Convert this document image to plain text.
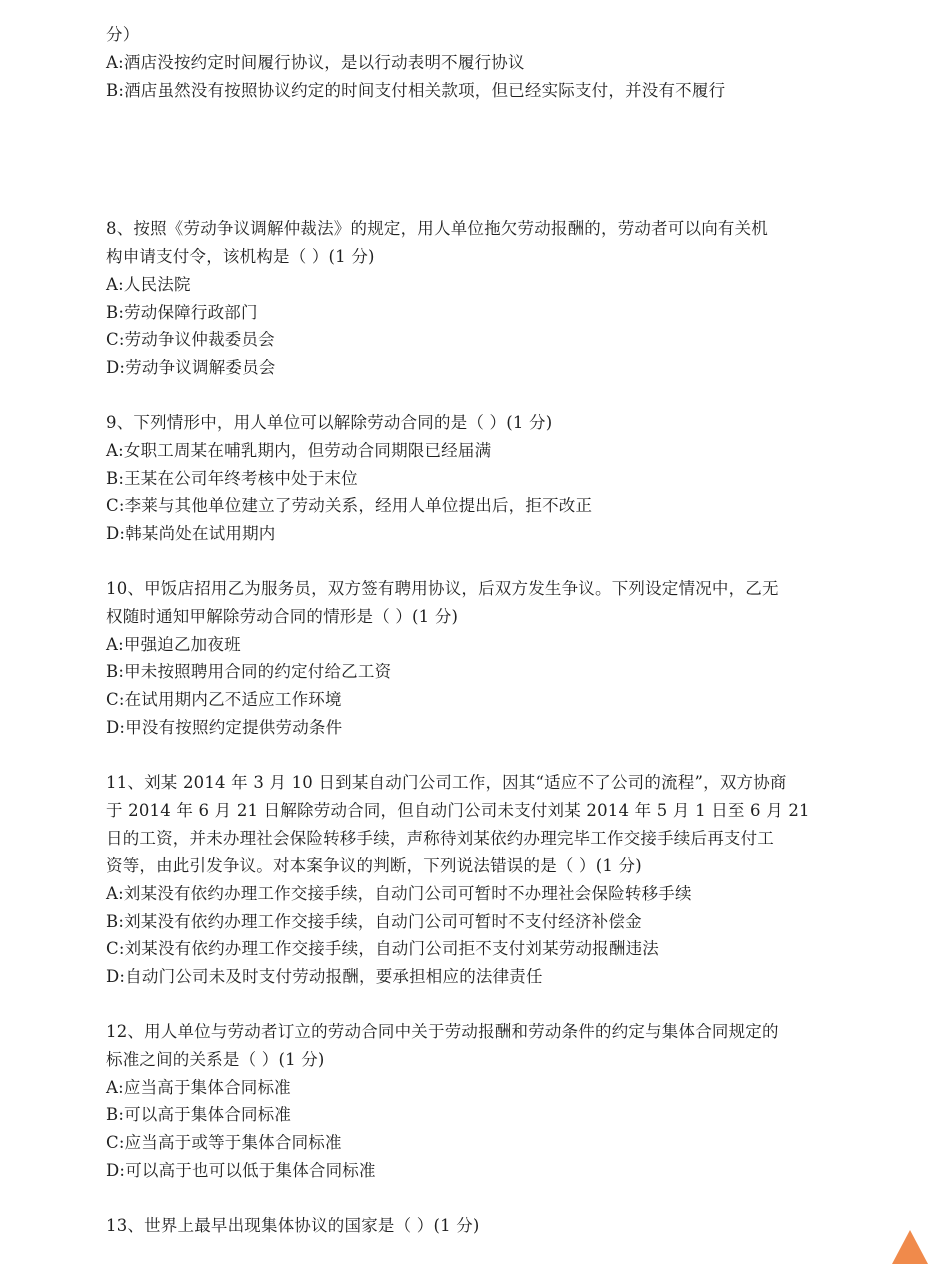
分）
A:酒店没按约定时间履行协议，是以行动表明不履行协议
B:酒店虽然没有按照协议约定的时间支付相关款项，但已经实际支付，并没有不履行
8、按照《劳动争议调解仲裁法》的规定，用人单位拖欠劳动报酬的，劳动者可以向有关机
构申请支付令，该机构是（ ）(1 分)
A:人民法院
B:劳动保障行政部门
C:劳动争议仲裁委员会
D:劳动争议调解委员会
9、下列情形中，用人单位可以解除劳动合同的是（ ）(1 分)
A:女职工周某在哺乳期内，但劳动合同期限已经届满
B:王某在公司年终考核中处于末位
C:李莱与其他单位建立了劳动关系，经用人单位提出后，拒不改正
D:韩某尚处在试用期内
10、甲饭店招用乙为服务员，双方签有聘用协议，后双方发生争议。下列设定情况中，乙无
权随时通知甲解除劳动合同的情形是（ ）(1 分)
A:甲强迫乙加夜班
B:甲未按照聘用合同的约定付给乙工资
C:在试用期内乙不适应工作环境
D:甲没有按照约定提供劳动条件
11、刘某 2014 年 3 月 10 日到某自动门公司工作，因其“适应不了公司的流程”，双方协商
于 2014 年 6 月 21 日解除劳动合同，但自动门公司未支付刘某 2014 年 5 月 1 日至 6 月 21
日的工资，并未办理社会保险转移手续，声称待刘某依约办理完毕工作交接手续后再支付工
资等，由此引发争议。对本案争议的判断，下列说法错误的是（ ）(1 分)
A:刘某没有依约办理工作交接手续，自动门公司可暂时不办理社会保险转移手续
B:刘某没有依约办理工作交接手续，自动门公司可暂时不支付经济补偿金
C:刘某没有依约办理工作交接手续，自动门公司拒不支付刘某劳动报酬违法
D:自动门公司未及时支付劳动报酬，要承担相应的法律责任
12、用人单位与劳动者订立的劳动合同中关于劳动报酬和劳动条件的约定与集体合同规定的
标准之间的关系是（ ）(1 分)
A:应当高于集体合同标准
B:可以高于集体合同标准
C:应当高于或等于集体合同标准
D:可以高于也可以低于集体合同标准
13、世界上最早出现集体协议的国家是（ ）(1 分)
